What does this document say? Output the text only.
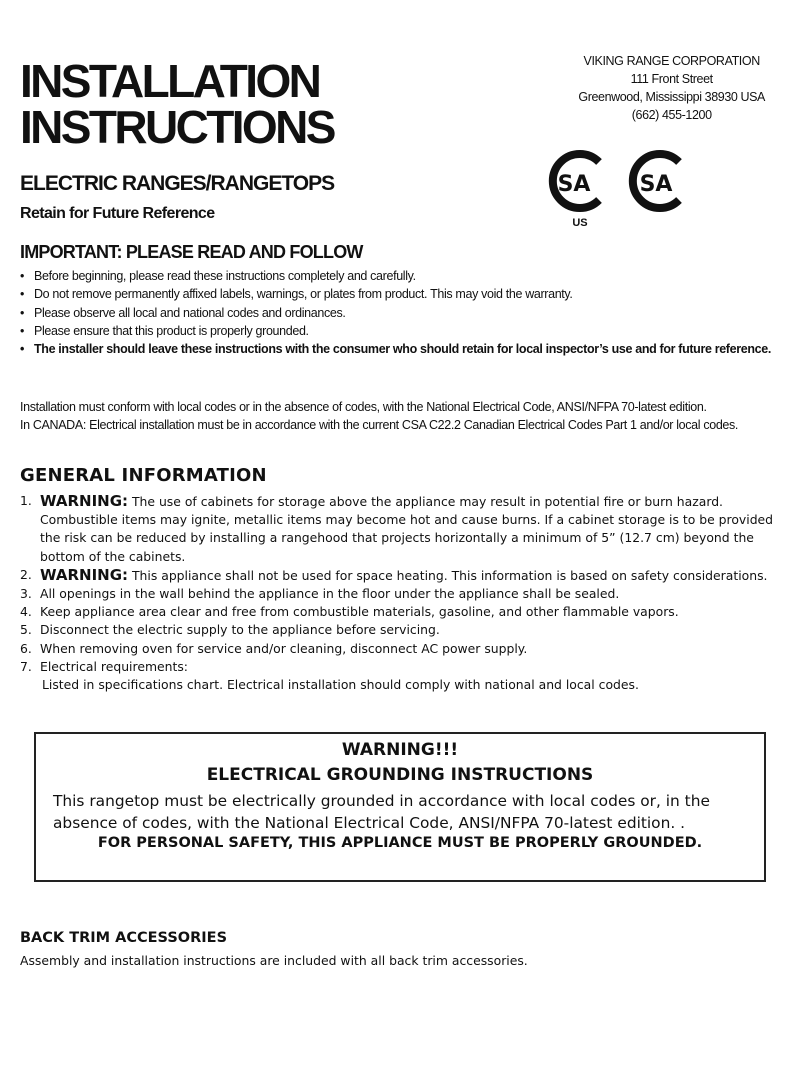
INSTALLATION
INSTRUCTIONS
ELECTRIC RANGES/RANGETOPS

Retain for Future Reference

VIKING RANGE CORPORATION
111 Front Street
Greenwood, Mississippi 38930 USA
(662) 455-1200
SA
US
SA
IMPORTANT: PLEASE READ AND FOLLOW
• Before beginning, please read these instructions completely and carefully.
• Do not remove permanently affixed labels, warnings, or plates from product. This may void the warranty.
• Please observe all local and national codes and ordinances.
• Please ensure that this product is properly grounded.
• The installer should leave these instructions with the consumer who should retain for local inspector’s use and for future reference.
Installation must conform with local codes or in the absence of codes, with the National Electrical Code, ANSI/NFPA 70-latest edition.
In CANADA: Electrical installation must be in accordance with the current CSA C22.2 Canadian Electrical Codes Part 1 and/or local codes.
GENERAL INFORMATION
1. WARNING: The use of cabinets for storage above the appliance may result in potential fire or burn hazard. Combustible items may ignite, metallic items may become hot and cause burns. If a cabinet storage is to be provided the risk can be reduced by installing a rangehood that projects horizontally a minimum of 5” (12.7 cm) beyond the bottom of the cabinets.
2. WARNING: This appliance shall not be used for space heating. This information is based on safety considerations.
3. All openings in the wall behind the appliance in the floor under the appliance shall be sealed.
4. Keep appliance area clear and free from combustible materials, gasoline, and other flammable vapors.
5. Disconnect the electric supply to the appliance before servicing.
6. When removing oven for service and/or cleaning, disconnect AC power supply.
7. Electrical requirements:
Listed in specifications chart. Electrical installation should comply with national and local codes.
WARNING!!!
ELECTRICAL GROUNDING INSTRUCTIONS
This rangetop must be electrically grounded in accordance with local codes or, in the absence of codes, with the National Electrical Code, ANSI/NFPA 70-latest edition. .
FOR PERSONAL SAFETY, THIS APPLIANCE MUST BE PROPERLY GROUNDED.
BACK TRIM ACCESSORIES
Assembly and installation instructions are included with all back trim accessories.
